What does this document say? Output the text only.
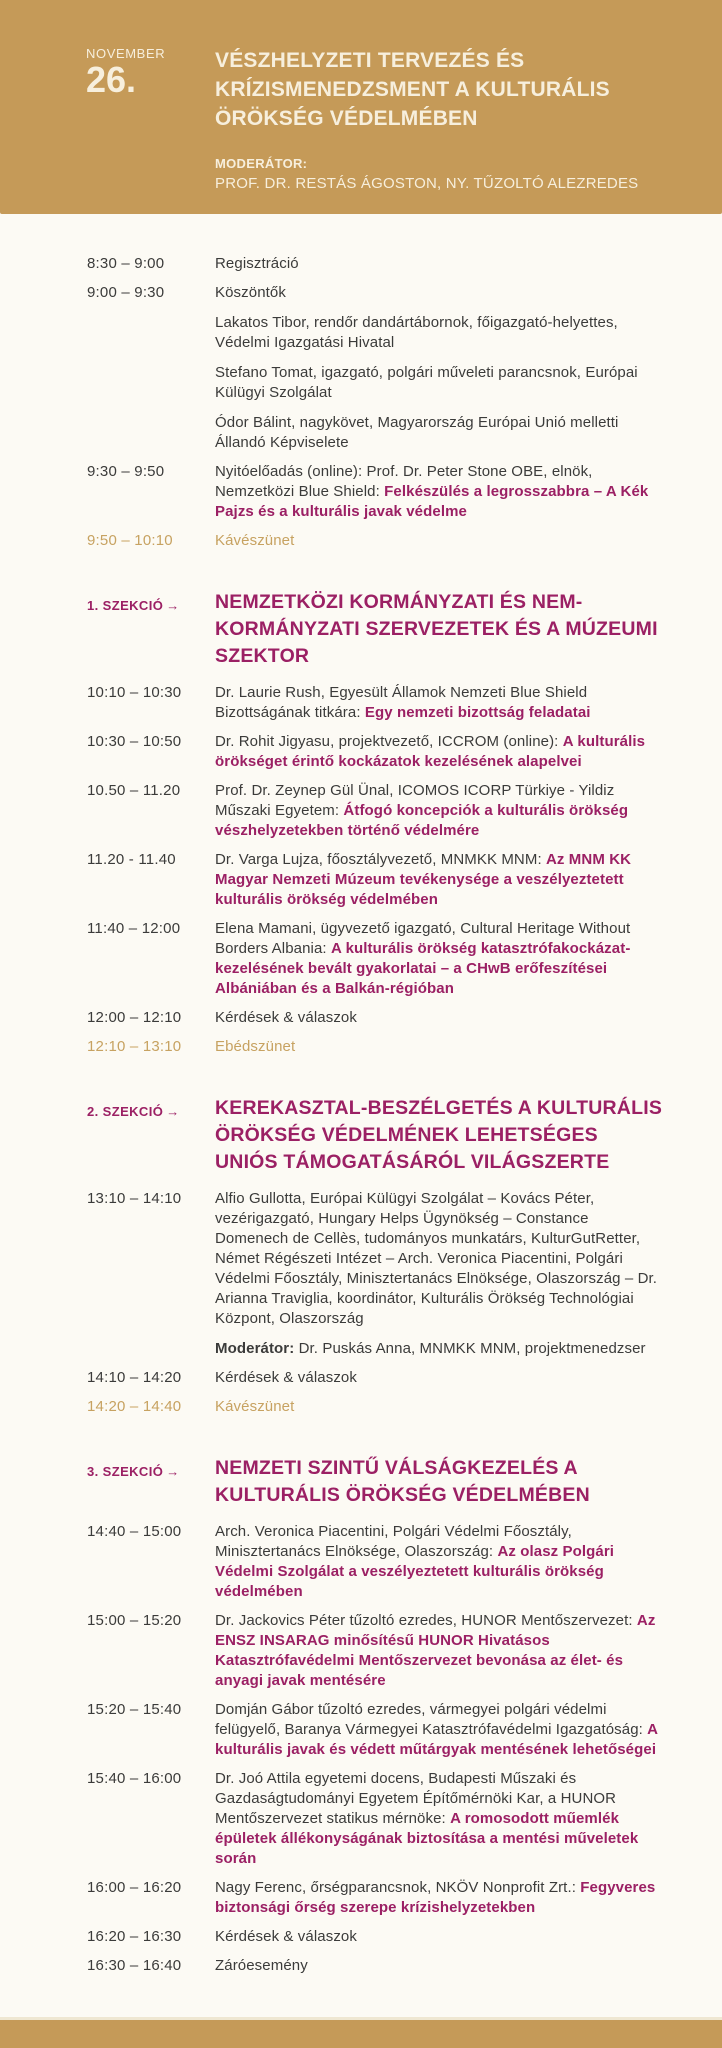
NOVEMBER
26.	VÉSZHELYZETI TERVEZÉS ÉS KRÍZISMENEDZSMENT A KULTURÁLIS ÖRÖKSÉG VÉDELMÉBEN
MODERÁTOR:
PROF. DR. RESTÁS ÁGOSTON, NY. TŰZOLTÓ ALEZREDES
8:30 – 9:00	Regisztráció

9:00 – 9:30	Köszöntők

Lakatos Tibor, rendőr dandártábornok, főigazgató-helyettes, Védelmi Igazgatási Hivatal

Stefano Tomat, igazgató, polgári műveleti parancsnok, Európai Külügyi Szolgálat

Ódor Bálint, nagykövet, Magyarország Európai Unió melletti Állandó Képviselete

9:30 – 9:50	Nyitóelőadás (online): Prof. Dr. Peter Stone OBE, elnök, Nemzetközi Blue Shield: Felkészülés a legrosszabbra – A Kék Pajzs és a kulturális javak védelme

9:50 – 10:10	Kávészünet

1. SZEKCIÓ →	NEMZETKÖZI KORMÁNYZATI ÉS NEM-KORMÁNYZATI SZERVEZETEK ÉS A MÚZEUMI SZEKTOR
10:10 – 10:30	Dr. Laurie Rush, Egyesült Államok Nemzeti Blue Shield Bizottságának titkára: Egy nemzeti bizottság feladatai

10:30 – 10:50	Dr. Rohit Jigyasu, projektvezető, ICCROM (online): A kulturális örökséget érintő kockázatok kezelésének alapelvei

10.50 – 11.20	Prof. Dr. Zeynep Gül Ünal, ICOMOS ICORP Türkiye - Yildiz Műszaki Egyetem: Átfogó koncepciók a kulturális örökség vészhelyzetekben történő védelmére

11.20 - 11.40	Dr. Varga Lujza, főosztályvezető, MNMKK MNM: Az MNM KK Magyar Nemzeti Múzeum tevékenysége a veszélyeztetett kulturális örökség védelmében

11:40 – 12:00	Elena Mamani, ügyvezető igazgató, Cultural Heritage Without Borders Albania: A kulturális örökség katasztrófakockázat-kezelésének bevált gyakorlatai – a CHwB erőfeszítései Albániában és a Balkán-régióban

12:00 – 12:10	Kérdések & válaszok

12:10 – 13:10	Ebédszünet

2. SZEKCIÓ →	KEREKASZTAL-BESZÉLGETÉS A KULTURÁLIS ÖRÖKSÉG VÉDELMÉNEK LEHETSÉGES UNIÓS TÁMOGATÁSÁRÓL VILÁGSZERTE
13:10 – 14:10	Alfio Gullotta, Európai Külügyi Szolgálat – Kovács Péter, vezérigazgató, Hungary Helps Ügynökség – Constance Domenech de Cellès, tudományos munkatárs, KulturGutRetter, Német Régészeti Intézet – Arch. Veronica Piacentini, Polgári Védelmi Főosztály, Minisztertanács Elnöksége, Olaszország – Dr. Arianna Traviglia, koordinátor, Kulturális Örökség Technológiai Központ, Olaszország

Moderátor: Dr. Puskás Anna, MNMKK MNM, projektmenedzser

14:10 – 14:20	Kérdések & válaszok

14:20 – 14:40	Kávészünet

3. SZEKCIÓ →	NEMZETI SZINTŰ VÁLSÁGKEZELÉS A KULTURÁLIS ÖRÖKSÉG VÉDELMÉBEN
14:40 – 15:00	Arch. Veronica Piacentini, Polgári Védelmi Főosztály, Minisztertanács Elnöksége, Olaszország: Az olasz Polgári Védelmi Szolgálat a veszélyeztetett kulturális örökség védelmében

15:00 – 15:20	Dr. Jackovics Péter tűzoltó ezredes, HUNOR Mentőszervezet: Az ENSZ INSARAG minősítésű HUNOR Hivatásos Katasztrófavédelmi Mentőszervezet bevonása az élet- és anyagi javak mentésére

15:20 – 15:40	Domján Gábor tűzoltó ezredes, vármegyei polgári védelmi felügyelő, Baranya Vármegyei Katasztrófavédelmi Igazgatóság: A kulturális javak és védett műtárgyak mentésének lehetőségei

15:40 – 16:00	Dr. Joó Attila egyetemi docens, Budapesti Műszaki és Gazdaságtudományi Egyetem Építőmérnöki Kar, a HUNOR Mentőszervezet statikus mérnöke: A romosodott műemlék épületek állékonyságának biztosítása a mentési műveletek során

16:00 – 16:20	Nagy Ferenc, őrségparancsnok, NKÖV Nonprofit Zrt.: Fegyveres biztonsági őrség szerepe krízishelyzetekben

16:20 – 16:30	Kérdések & válaszok

16:30 – 16:40	Záróesemény
